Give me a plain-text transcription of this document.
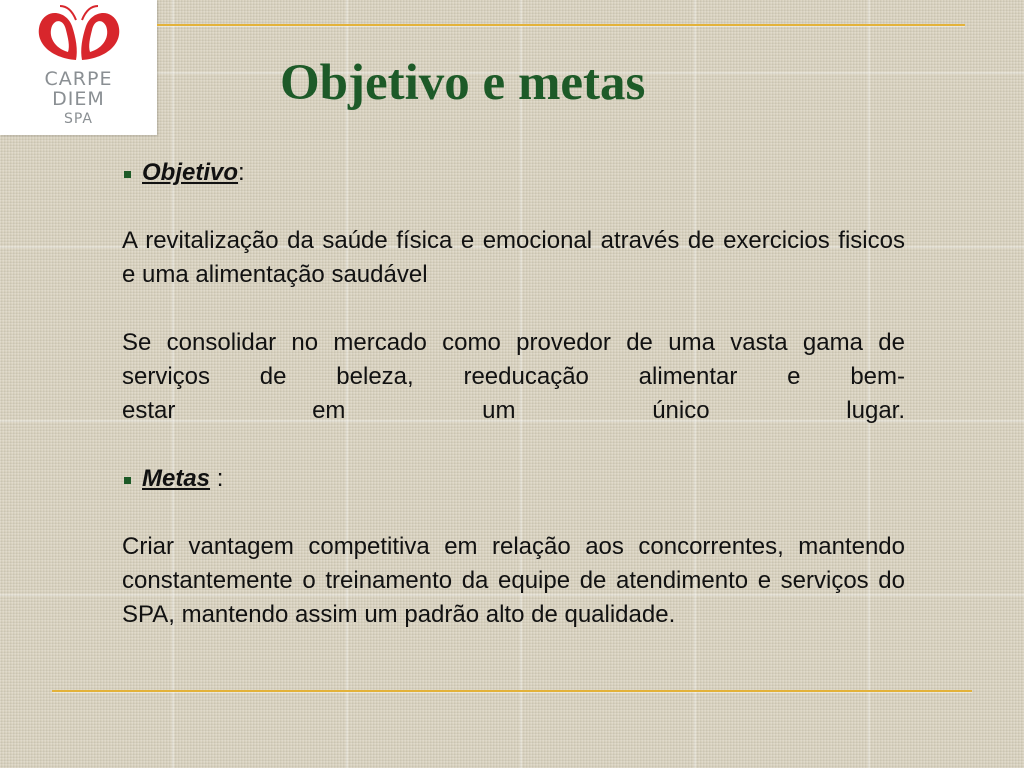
CARPE
DIEM
SPA
Objetivo e metas

Objetivo:

A revitalização da saúde física e emocional através de exercicios fisicos e uma alimentação saudável

Se consolidar no mercado como provedor de uma vasta gama de serviços de beleza, reeducação alimentar e bem-

estar em um único lugar.

Metas :

Criar vantagem competitiva em relação aos concorrentes, mantendo constantemente o treinamento da equipe de atendimento e serviços do SPA, mantendo assim um padrão alto de qualidade.
